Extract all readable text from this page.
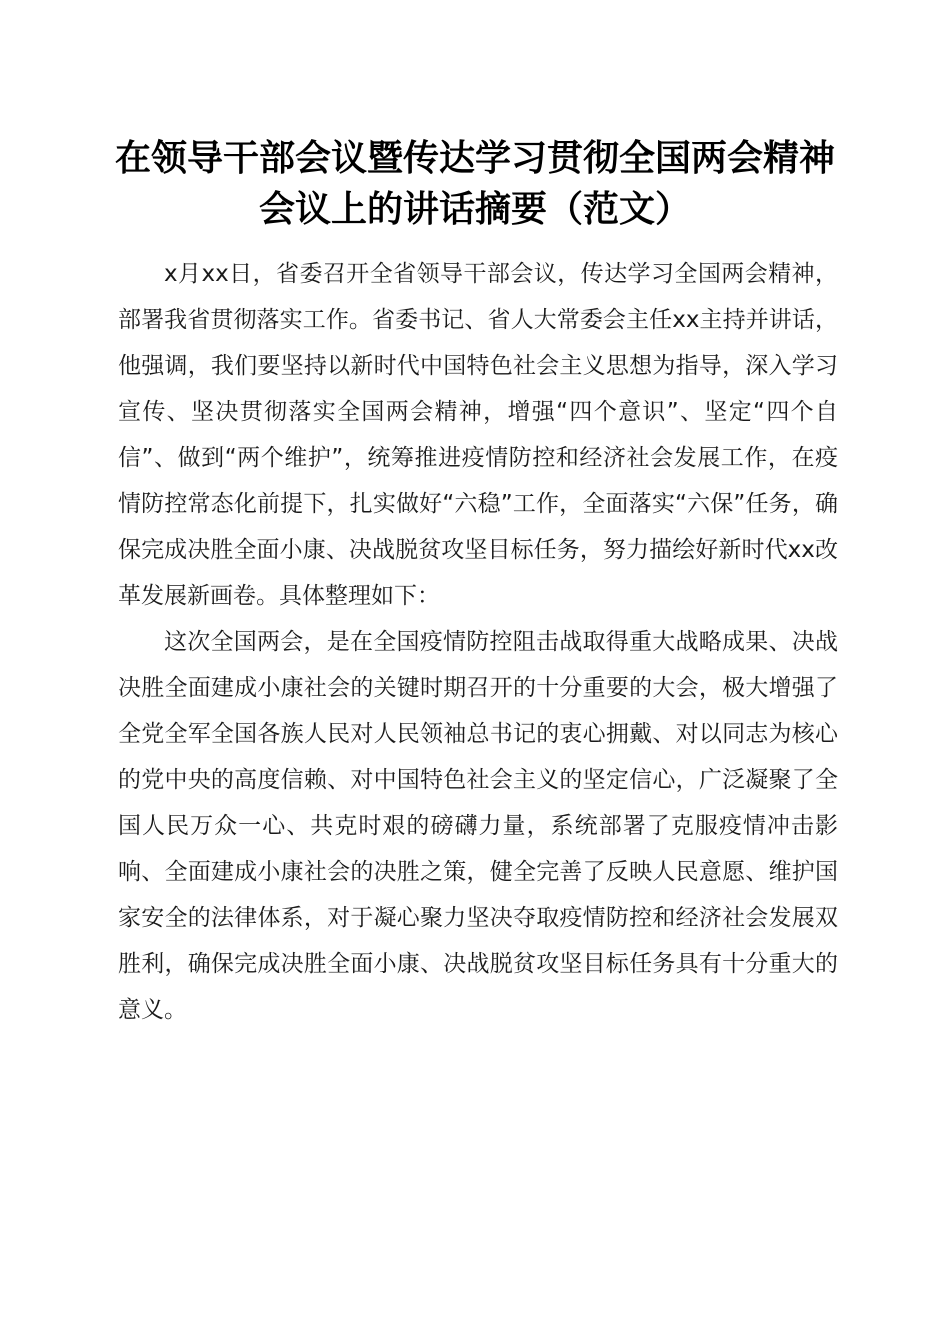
在领导干部会议暨传达学习贯彻全国两会精神
会议上的讲话摘要（范文）

x月xx日，省委召开全省领导干部会议，传达学习全国两会精神，部署我省贯彻落实工作。省委书记、省人大常委会主任xx主持并讲话，他强调，我们要坚持以新时代中国特色社会主义思想为指导，深入学习宣传、坚决贯彻落实全国两会精神，增强“四个意识”、坚定“四个自信”、做到“两个维护”，统筹推进疫情防控和经济社会发展工作，在疫情防控常态化前提下，扎实做好“六稳”工作，全面落实“六保”任务，确保完成决胜全面小康、决战脱贫攻坚目标任务，努力描绘好新时代xx改革发展新画卷。具体整理如下：

这次全国两会，是在全国疫情防控阻击战取得重大战略成果、决战决胜全面建成小康社会的关键时期召开的十分重要的大会，极大增强了全党全军全国各族人民对人民领袖总书记的衷心拥戴、对以同志为核心的党中央的高度信赖、对中国特色社会主义的坚定信心，广泛凝聚了全国人民万众一心、共克时艰的磅礴力量，系统部署了克服疫情冲击影响、全面建成小康社会的决胜之策，健全完善了反映人民意愿、维护国家安全的法律体系，对于凝心聚力坚决夺取疫情防控和经济社会发展双胜利，确保完成决胜全面小康、决战脱贫攻坚目标任务具有十分重大的意义。
